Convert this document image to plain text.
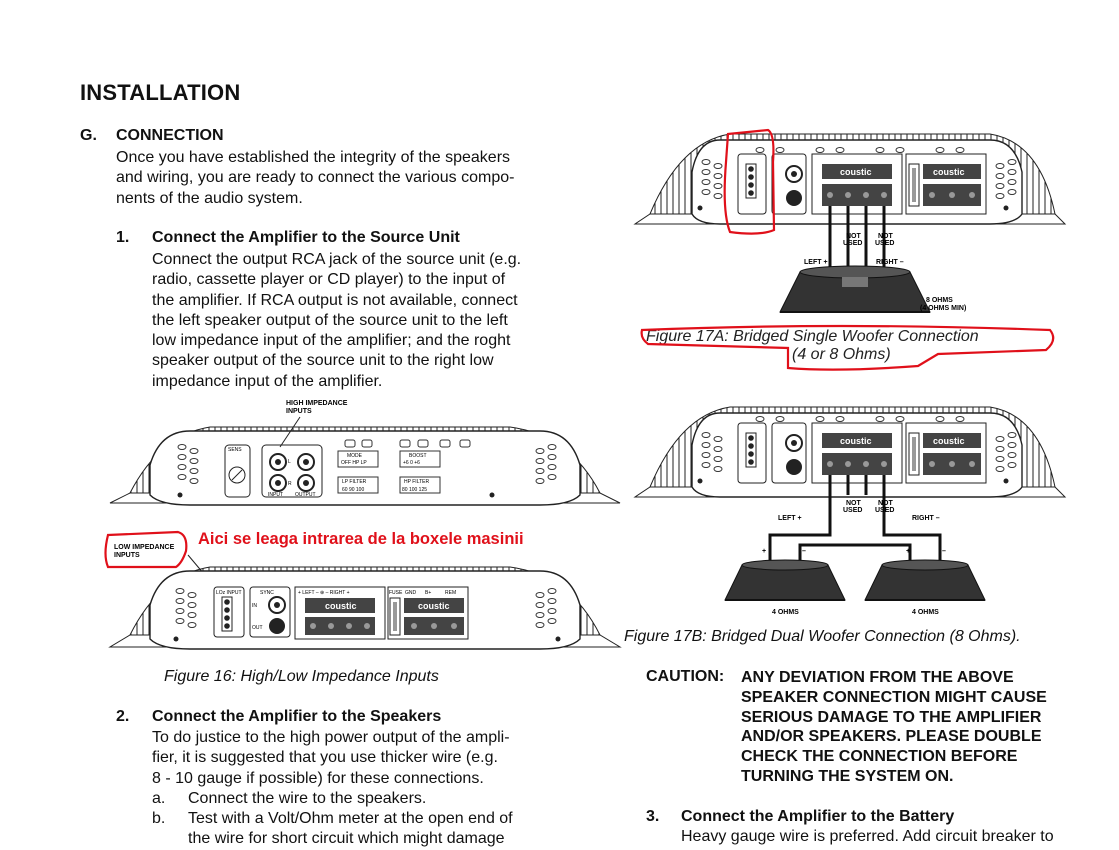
INSTALLATION
G. CONNECTION
Once you have established the integrity of the speakers
and wiring, you are ready to connect the various compo-
nents of the audio system.
1. Connect the Amplifier to the Source Unit
Connect the output RCA jack of the source unit (e.g.
radio, cassette player or CD player) to the input of
the amplifier. If RCA output is not available, connect
the left speaker output of the source unit to the left
low impedance input of the amplifier; and the roght
speaker output of the source unit to the right low
impedance input of the amplifier.
SENS
L
R
INPUT OUTPUT
MODE
OFF HP LP
BOOST
+6 0 +6
LP FILTER
60 90 100
HP FILTER
80 100 125
HIGH IMPEDANCE
INPUTS
LOW IMPEDANCE
INPUTS
LOz INPUT	SYNC
IN
OUT
+ LEFT – ⊕ – RIGHT +
coustic
FUSE GND B+	REM
coustic
Aici se leaga intrarea de la boxele masinii
Figure 16: High/Low Impedance Inputs
2. Connect the Amplifier to the Speakers
To do justice to the high power output of the ampli-
fier, it is suggested that you use thicker wire (e.g.
8 - 10 gauge if possible) for these connections.
a. Connect the wire to the speakers.
b. Test with a Volt/Ohm meter at the open end of
the wire for short circuit which might damage
coustic	coustic
NOT
USED
NOT
USED
LEFT +	RIGHT –
8 OHMS
(4 OHMS MIN)
Figure 17A: Bridged Single Woofer Connection
(4 or 8 Ohms)
coustic	coustic
NOT
USED
NOT
USED
LEFT +	RIGHT –
+	–	+	–
4 OHMS	4 OHMS
Figure 17B: Bridged Dual Woofer Connection (8 Ohms).
CAUTION: ANY DEVIATION FROM THE ABOVE
SPEAKER CONNECTION MIGHT CAUSE
SERIOUS DAMAGE TO THE AMPLIFIER
AND/OR SPEAKERS. PLEASE DOUBLE
CHECK THE CONNECTION BEFORE
TURNING THE SYSTEM ON.
3. Connect the Amplifier to the Battery
Heavy gauge wire is preferred. Add circuit breaker to
